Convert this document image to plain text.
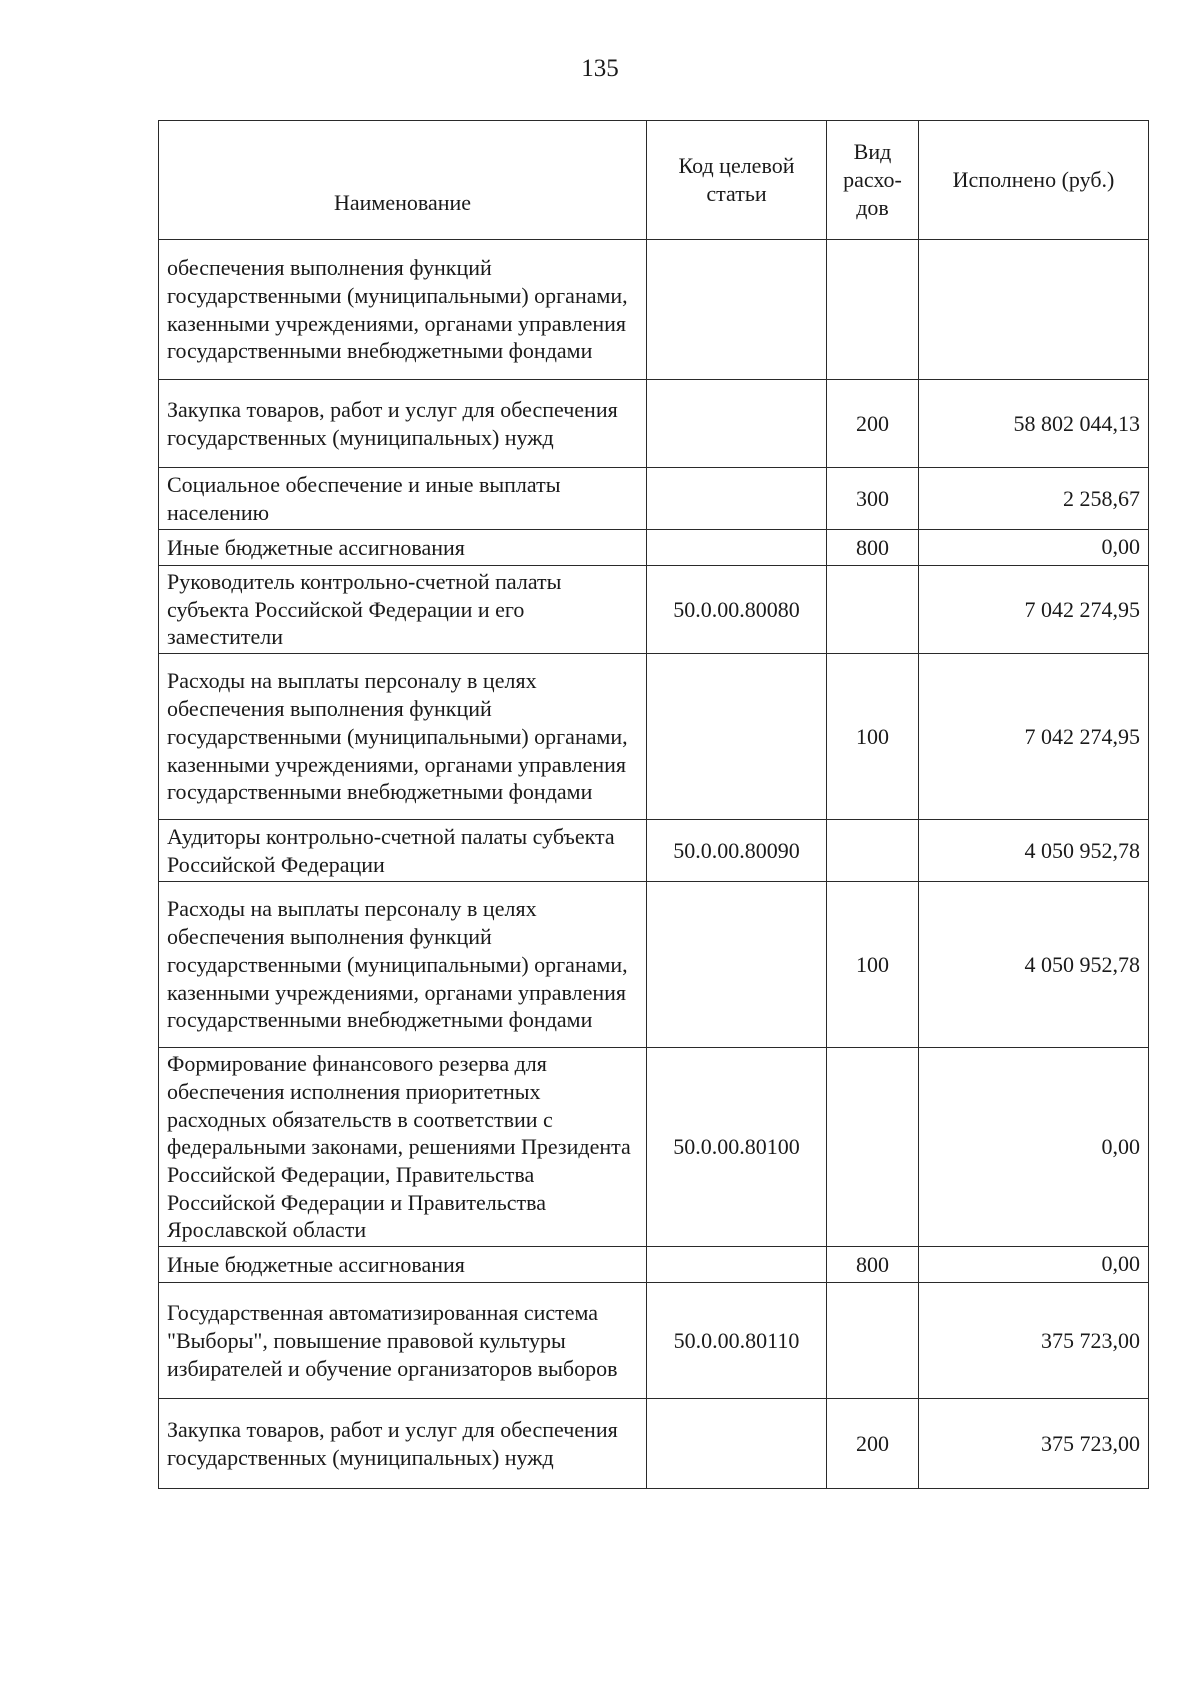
135
Наименование	Код целевой статьи	Вид расхо-дов	Исполнено (руб.)
обеспечения выполнения функций государственными (муниципальными) органами, казенными учреждениями, органами управления государственными внебюджетными фондами			
Закупка товаров, работ и услуг для обеспечения государственных (муниципальных) нужд		200	58 802 044,13
Социальное обеспечение и иные выплаты населению		300	2 258,67
Иные бюджетные ассигнования		800	0,00
Руководитель контрольно-счетной палаты субъекта Российской Федерации и его заместители	50.0.00.80080		7 042 274,95
Расходы на выплаты персоналу в целях обеспечения выполнения функций государственными (муниципальными) органами, казенными учреждениями, органами управления государственными внебюджетными фондами		100	7 042 274,95
Аудиторы контрольно-счетной палаты субъекта Российской Федерации	50.0.00.80090		4 050 952,78
Расходы на выплаты персоналу в целях обеспечения выполнения функций государственными (муниципальными) органами, казенными учреждениями, органами управления государственными внебюджетными фондами		100	4 050 952,78
Формирование финансового резерва для обеспечения исполнения приоритетных расходных обязательств в соответствии с федеральными законами, решениями Президента Российской Федерации, Правительства Российской Федерации и Правительства Ярославской области	50.0.00.80100		0,00
Иные бюджетные ассигнования		800	0,00
Государственная автоматизированная система "Выборы", повышение правовой культуры избирателей и обучение организаторов выборов	50.0.00.80110		375 723,00
Закупка товаров, работ и услуг для обеспечения государственных (муниципальных) нужд		200	375 723,00
